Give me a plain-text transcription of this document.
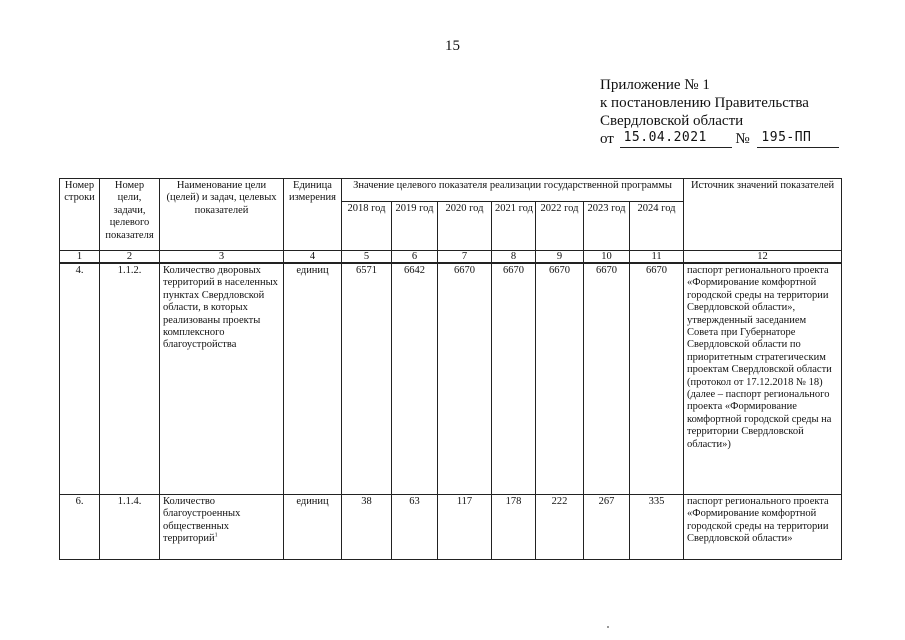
15
Приложение № 1
к постановлению Правительства
Свердловской области
от 15.04.2021 № 195-ПП
Номер строки	Номер цели, задачи, целевого показателя	Наименование цели (целей) и задач, целевых показателей	Единица измерения	Значение целевого показателя реализации государственной программы							Источник значений показателей
				2018 год	2019 год	2020 год	2021 год	2022 год	2023 год	2024 год	
1	2	3	4	5	6	7	8	9	10	11	12
4.	1.1.2.	Количество дворовых территорий в населенных пунктах Свердловской области, в которых реализованы проекты комплексного благоустройства	единиц	6571	6642	6670	6670	6670	6670	6670	паспорт регионального проекта «Формирование комфортной городской среды на территории Свердловской области», утвержденный заседанием Совета при Губернаторе Свердловской области по приоритетным стратегическим проектам Свердловской области (протокол от 17.12.2018 № 18) (далее – паспорт регионального проекта «Формирование комфортной городской среды на территории Свердловской области»)
6.	1.1.4.	Количество благоустроенных общественных территорий$^1$	единиц	38	63	117	178	222	267	335	паспорт регионального проекта «Формирование комфортной городской среды на территории Свердловской области»
